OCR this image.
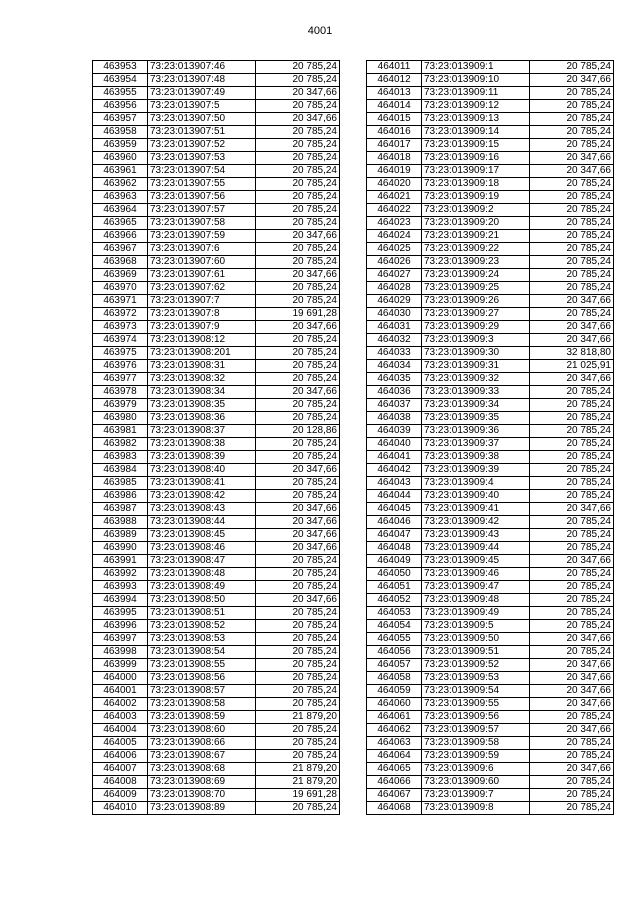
4001
463953	73:23:013907:46	20 785,24
463954	73:23:013907:48	20 785,24
463955	73:23:013907:49	20 347,66
463956	73:23:013907:5	20 785,24
463957	73:23:013907:50	20 347,66
463958	73:23:013907:51	20 785,24
463959	73:23:013907:52	20 785,24
463960	73:23:013907:53	20 785,24
463961	73:23:013907:54	20 785,24
463962	73:23:013907:55	20 785,24
463963	73:23:013907:56	20 785,24
463964	73:23:013907:57	20 785,24
463965	73:23:013907:58	20 785,24
463966	73:23:013907:59	20 347,66
463967	73:23:013907:6	20 785,24
463968	73:23:013907:60	20 785,24
463969	73:23:013907:61	20 347,66
463970	73:23:013907:62	20 785,24
463971	73:23:013907:7	20 785,24
463972	73:23:013907:8	19 691,28
463973	73:23:013907:9	20 347,66
463974	73:23:013908:12	20 785,24
463975	73:23:013908:201	20 785,24
463976	73:23:013908:31	20 785,24
463977	73:23:013908:32	20 785,24
463978	73:23:013908:34	20 347,66
463979	73:23:013908:35	20 785,24
463980	73:23:013908:36	20 785,24
463981	73:23:013908:37	20 128,86
463982	73:23:013908:38	20 785,24
463983	73:23:013908:39	20 785,24
463984	73:23:013908:40	20 347,66
463985	73:23:013908:41	20 785,24
463986	73:23:013908:42	20 785,24
463987	73:23:013908:43	20 347,66
463988	73:23:013908:44	20 347,66
463989	73:23:013908:45	20 347,66
463990	73:23:013908:46	20 347,66
463991	73:23:013908:47	20 785,24
463992	73:23:013908:48	20 785,24
463993	73:23:013908:49	20 785,24
463994	73:23:013908:50	20 347,66
463995	73:23:013908:51	20 785,24
463996	73:23:013908:52	20 785,24
463997	73:23:013908:53	20 785,24
463998	73:23:013908:54	20 785,24
463999	73:23:013908:55	20 785,24
464000	73:23:013908:56	20 785,24
464001	73:23:013908:57	20 785,24
464002	73:23:013908:58	20 785,24
464003	73:23:013908:59	21 879,20
464004	73:23:013908:60	20 785,24
464005	73:23:013908:66	20 785,24
464006	73:23:013908:67	20 785,24
464007	73:23:013908:68	21 879,20
464008	73:23:013908:69	21 879,20
464009	73:23:013908:70	19 691,28
464010	73:23:013908:89	20 785,24
464011	73:23:013909:1	20 785,24
464012	73:23:013909:10	20 347,66
464013	73:23:013909:11	20 785,24
464014	73:23:013909:12	20 785,24
464015	73:23:013909:13	20 785,24
464016	73:23:013909:14	20 785,24
464017	73:23:013909:15	20 785,24
464018	73:23:013909:16	20 347,66
464019	73:23:013909:17	20 347,66
464020	73:23:013909:18	20 785,24
464021	73:23:013909:19	20 785,24
464022	73:23:013909:2	20 785,24
464023	73:23:013909:20	20 785,24
464024	73:23:013909:21	20 785,24
464025	73:23:013909:22	20 785,24
464026	73:23:013909:23	20 785,24
464027	73:23:013909:24	20 785,24
464028	73:23:013909:25	20 785,24
464029	73:23:013909:26	20 347,66
464030	73:23:013909:27	20 785,24
464031	73:23:013909:29	20 347,66
464032	73:23:013909:3	20 347,66
464033	73:23:013909:30	32 818,80
464034	73:23:013909:31	21 025,91
464035	73:23:013909:32	20 347,66
464036	73:23:013909:33	20 785,24
464037	73:23:013909:34	20 785,24
464038	73:23:013909:35	20 785,24
464039	73:23:013909:36	20 785,24
464040	73:23:013909:37	20 785,24
464041	73:23:013909:38	20 785,24
464042	73:23:013909:39	20 785,24
464043	73:23:013909:4	20 785,24
464044	73:23:013909:40	20 785,24
464045	73:23:013909:41	20 347,66
464046	73:23:013909:42	20 785,24
464047	73:23:013909:43	20 785,24
464048	73:23:013909:44	20 785,24
464049	73:23:013909:45	20 347,66
464050	73:23:013909:46	20 785,24
464051	73:23:013909:47	20 785,24
464052	73:23:013909:48	20 785,24
464053	73:23:013909:49	20 785,24
464054	73:23:013909:5	20 785,24
464055	73:23:013909:50	20 347,66
464056	73:23:013909:51	20 785,24
464057	73:23:013909:52	20 347,66
464058	73:23:013909:53	20 347,66
464059	73:23:013909:54	20 347,66
464060	73:23:013909:55	20 347,66
464061	73:23:013909:56	20 785,24
464062	73:23:013909:57	20 347,66
464063	73:23:013909:58	20 785,24
464064	73:23:013909:59	20 785,24
464065	73:23:013909:6	20 347,66
464066	73:23:013909:60	20 785,24
464067	73:23:013909:7	20 785,24
464068	73:23:013909:8	20 785,24
